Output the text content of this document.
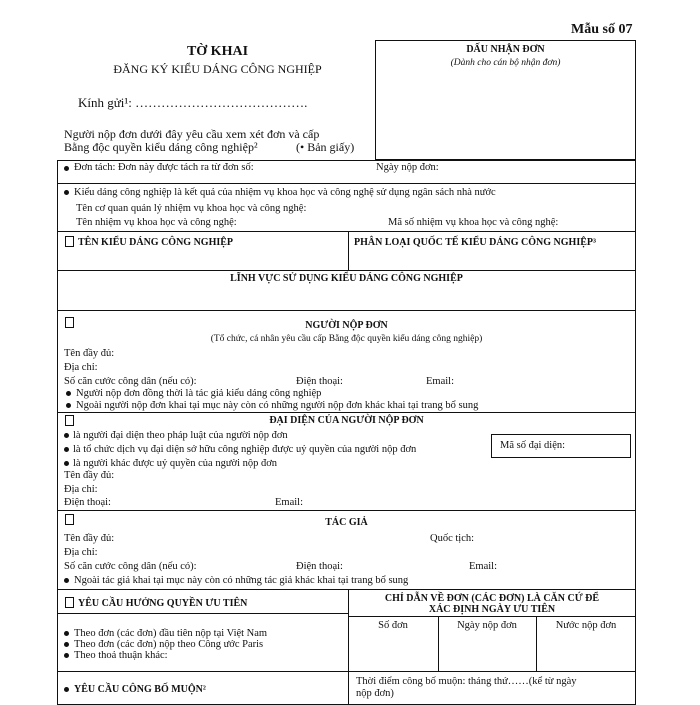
Mẫu số 07
TỜ KHAI
ĐĂNG KÝ KIỂU DÁNG CÔNG NGHIỆP
Kính gửi¹: ………………………………….
DẤU NHẬN ĐƠN
(Dành cho cán bộ nhận đơn)
Người nộp đơn dưới đây yêu cầu xem xét đơn và cấp
Bằng độc quyền kiểu dáng công nghiệp²	(• Bản giấy)
Đơn tách: Đơn này được tách ra từ đơn số:	Ngày nộp đơn:
Kiểu dáng công nghiệp là kết quả của nhiệm vụ khoa học và công nghệ sử dụng ngân sách nhà nước
Tên cơ quan quản lý nhiệm vụ khoa học và công nghệ:
Tên nhiệm vụ khoa học và công nghệ:	Mã số nhiệm vụ khoa học và công nghệ:
TÊN KIỂU DÁNG CÔNG NGHIỆP	PHÂN LOẠI QUỐC TẾ KIỂU DÁNG CÔNG NGHIỆP³
LĨNH VỰC SỬ DỤNG KIỂU DÁNG CÔNG NGHIỆP
NGƯỜI NỘP ĐƠN
(Tổ chức, cá nhân yêu cầu cấp Bằng độc quyền kiểu dáng công nghiệp)
Tên đầy đủ:
Địa chỉ:
Số căn cước công dân (nếu có):	Điện thoại:	Email:
Người nộp đơn đồng thời là tác giả kiểu dáng công nghiệp
Ngoài người nộp đơn khai tại mục này còn có những người nộp đơn khác khai tại trang bổ sung
ĐẠI DIỆN CỦA NGƯỜI NỘP ĐƠN
là người đại diện theo pháp luật của người nộp đơn
là tổ chức dịch vụ đại diện sở hữu công nghiệp được uỷ quyền của người nộp đơn
là người khác được uỷ quyền của người nộp đơn
Mã số đại diện:
Tên đầy đủ:
Địa chỉ:
Điện thoại:	Email:
TÁC GIẢ
Tên đầy đủ:	Quốc tịch:
Địa chỉ:
Số căn cước công dân (nếu có):	Điện thoại:	Email:
Ngoài tác giả khai tại mục này còn có những tác giả khác khai tại trang bổ sung
YÊU CẦU HƯỞNG QUYỀN ƯU TIÊN
Theo đơn (các đơn) đầu tiên nộp tại Việt Nam
Theo đơn (các đơn) nộp theo Công ước Paris
Theo thoả thuận khác:
CHỈ DẪN VỀ ĐƠN (CÁC ĐƠN) LÀ CĂN CỨ ĐỂ
XÁC ĐỊNH NGÀY ƯU TIÊN
Số đơn	Ngày nộp đơn	Nước nộp đơn
YÊU CẦU CÔNG BỐ MUỘN²
Thời điểm công bố muộn: tháng thứ……(kể từ ngày
nộp đơn)
